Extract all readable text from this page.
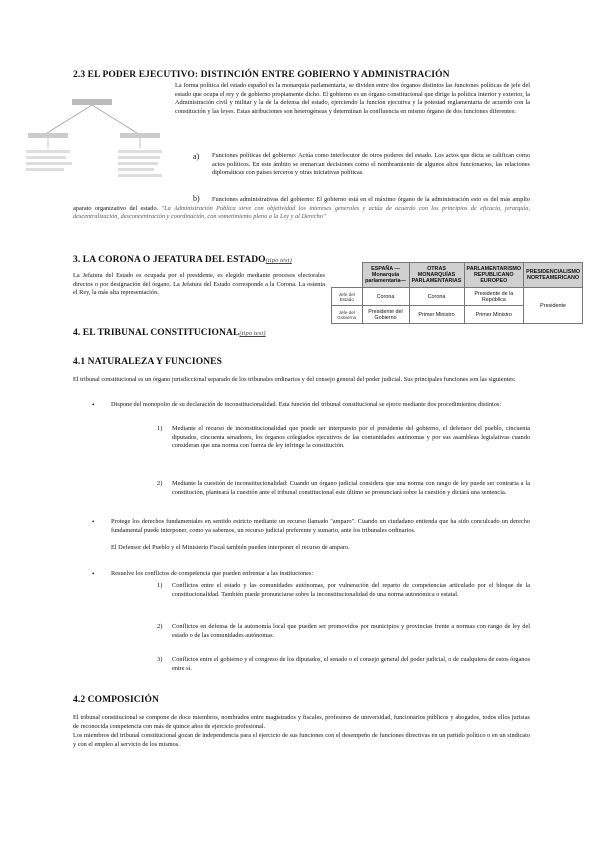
2.3 EL PODER EJECUTIVO: DISTINCIÓN ENTRE GOBIERNO Y ADMINISTRACIÓN
La forma política del estado español es la monarquía parlamentaria, se dividen entre dos órganos distintos las funciones políticas de jefe del estado que ocupa el rey y de gobierno propiamente dicho. El gobierno es un órgano constitucional que dirige la política interior y exterior, la Administración civil y militar y la de la defensa del estado, ejerciendo la función ejecutiva y la potestad reglamentaria de acuerdo con la constitución y las leyes. Estas atribuciones son heterogéneas y determinan la confluencia en mismo órgano de dos funciones diferentes:
a) Funciones políticas del gobierno: Actúa como interlocutor de otros poderes del estado. Los actos que dicta se califican como actos políticos. En este ámbito se enmarcan decisiones como el nombramiento de algunos altos funcionarios, las relaciones diplomáticas con países terceros y otras iniciativas políticas.
b)	Funciones administrativas del gobierno: El gobierno está en el máximo órgano de la administración esto es del más amplio aparato organizativo del estado. "La Administración Pública sirve con objetividad los intereses generales y actúa de acuerdo con los principios de eficacia, jerarquía, descentralización, desconcentración y coordinación, con sometimiento pleno a la Ley y al Derecho"
3. LA CORONA O JEFATURA DEL ESTADO(tipo test)
La Jefatura del Estado es ocupada por el presidente, es elegido mediante procesos electorales directos o por designación del órgano. La Jefatura del Estado corresponde a la Corona. La ostenta el Rey, la más alta representación.
	ESPAÑA —Monarquía parlamentaria—	OTRAS MONARQUÍAS PARLAMENTARIAS	PARLAMENTARISMO REPUBLICANO EUROPEO	PRESIDENCIALISMO NORTEAMERICANO
Jefe del Estado	Corona	Corona	Presidente de la República	Presidente
Jefe del Gobierno	Presidente del Gobierno	Primer Ministro	Primer Ministro	
4. EL TRIBUNAL CONSTITUCIONAL(tipo test)
4.1 NATURALEZA Y FUNCIONES
El tribunal constitucional es un órgano jurisdiccional separado de los tribunales ordinarios y del consejo general del poder judicial. Sus principales funciones son las siguientes:
•	Dispone del monopolio de su declaración de inconstitucionalidad. Esta función del tribunal constitucional se ejerce mediante dos procedimientos distintos:
1) Mediante el recurso de inconstitucionalidad que puede ser interpuesto por el presidente del gobierno, el defensor del pueblo, cincuenta diputados, cincuenta senadores, los órganos colegiados ejecutivos de las comunidades autónomas y por sus asambleas legislativas cuando consideran que una norma con fuerza de ley infringe la constitución.
2) Mediante la cuestión de inconstitucionalidad: Cuando un órgano judicial considera que una norma con rango de ley puede ser contraria a la constitución, planteará la cuestión ante el tribunal constitucional este último se pronunciará sobre la cuestión y dictará una sentencia.
•	Protege los derechos fundamentales en sentido estricto mediante un recurso llamado "amparo". Cuando un ciudadano entienda que ha sido conculcado un derecho fundamental puede interponer, como ya sabemos, un recurso judicial preferente y sumario, ante los tribunales ordinarios.
El Defensor del Pueblo y el Ministerio Fiscal también pueden interponer el recurso de amparo.
•	Resuelve los conflictos de competencia que pueden enfrentar a las instituciones:
1) Conflictos entre el estado y las comunidades autónomas, por vulneración del reparto de competencias articulado por el bloque de la constitucionalidad. También puede pronunciarse sobre la inconstitucionalidad de una norma autonómica o estatal.
2) Conflictos en defensa de la autonomía local que pueden ser promovidos por municipios y provincias frente a normas con rango de ley del estado o de las comunidades autónomas.
3) Conflictos entre el gobierno y el congreso de los diputados, el senado o el consejo general del poder judicial, o de cualquiera de estos órganos entre sí.
4.2 COMPOSICIÓN
El tribunal constitucional se compone de doce miembros, nombrados entre magistrados y fiscales, profesores de universidad, funcionarios públicos y abogados, todos ellos juristas de reconocida competencia con más de quince años de ejercicio profesional.
Los miembros del tribunal constitucional gozan de independencia para el ejercicio de sus funciones con el desempeño de funciones directivas en un partido político o en un sindicato y con el empleo al servicio de los mismos.
